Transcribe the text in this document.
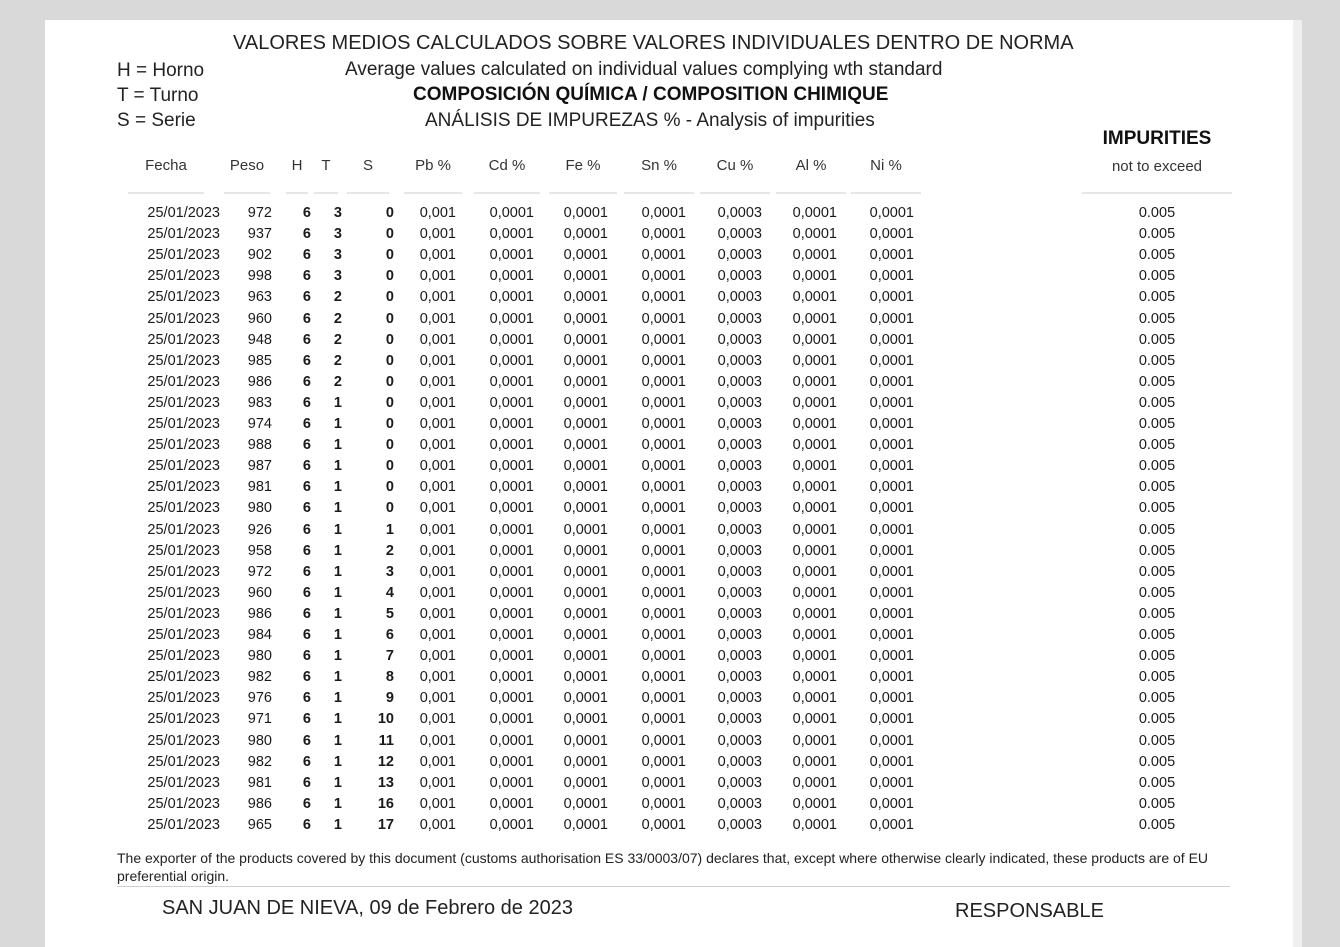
H = Horno
T = Turno
S = Serie
VALORES MEDIOS CALCULADOS SOBRE VALORES INDIVIDUALES DENTRO DE NORMA
Average values calculated on individual values complying wth standard
COMPOSICIÓN QUÍMICA / COMPOSITION CHIMIQUE
ANÁLISIS DE IMPUREZAS % - Analysis of impurities
IMPURITIES
not to exceed
Fecha	Peso	H	T	S	Pb %	Cd %	Fe %	Sn %	Cu %	Al %	Ni %
25/01/2023	972	6	3	0	0,001	0,0001	0,0001	0,0001	0,0003	0,0001	0,0001	0.005
25/01/2023	937	6	3	0	0,001	0,0001	0,0001	0,0001	0,0003	0,0001	0,0001	0.005
25/01/2023	902	6	3	0	0,001	0,0001	0,0001	0,0001	0,0003	0,0001	0,0001	0.005
25/01/2023	998	6	3	0	0,001	0,0001	0,0001	0,0001	0,0003	0,0001	0,0001	0.005
25/01/2023	963	6	2	0	0,001	0,0001	0,0001	0,0001	0,0003	0,0001	0,0001	0.005
25/01/2023	960	6	2	0	0,001	0,0001	0,0001	0,0001	0,0003	0,0001	0,0001	0.005
25/01/2023	948	6	2	0	0,001	0,0001	0,0001	0,0001	0,0003	0,0001	0,0001	0.005
25/01/2023	985	6	2	0	0,001	0,0001	0,0001	0,0001	0,0003	0,0001	0,0001	0.005
25/01/2023	986	6	2	0	0,001	0,0001	0,0001	0,0001	0,0003	0,0001	0,0001	0.005
25/01/2023	983	6	1	0	0,001	0,0001	0,0001	0,0001	0,0003	0,0001	0,0001	0.005
25/01/2023	974	6	1	0	0,001	0,0001	0,0001	0,0001	0,0003	0,0001	0,0001	0.005
25/01/2023	988	6	1	0	0,001	0,0001	0,0001	0,0001	0,0003	0,0001	0,0001	0.005
25/01/2023	987	6	1	0	0,001	0,0001	0,0001	0,0001	0,0003	0,0001	0,0001	0.005
25/01/2023	981	6	1	0	0,001	0,0001	0,0001	0,0001	0,0003	0,0001	0,0001	0.005
25/01/2023	980	6	1	0	0,001	0,0001	0,0001	0,0001	0,0003	0,0001	0,0001	0.005
25/01/2023	926	6	1	1	0,001	0,0001	0,0001	0,0001	0,0003	0,0001	0,0001	0.005
25/01/2023	958	6	1	2	0,001	0,0001	0,0001	0,0001	0,0003	0,0001	0,0001	0.005
25/01/2023	972	6	1	3	0,001	0,0001	0,0001	0,0001	0,0003	0,0001	0,0001	0.005
25/01/2023	960	6	1	4	0,001	0,0001	0,0001	0,0001	0,0003	0,0001	0,0001	0.005
25/01/2023	986	6	1	5	0,001	0,0001	0,0001	0,0001	0,0003	0,0001	0,0001	0.005
25/01/2023	984	6	1	6	0,001	0,0001	0,0001	0,0001	0,0003	0,0001	0,0001	0.005
25/01/2023	980	6	1	7	0,001	0,0001	0,0001	0,0001	0,0003	0,0001	0,0001	0.005
25/01/2023	982	6	1	8	0,001	0,0001	0,0001	0,0001	0,0003	0,0001	0,0001	0.005
25/01/2023	976	6	1	9	0,001	0,0001	0,0001	0,0001	0,0003	0,0001	0,0001	0.005
25/01/2023	971	6	1	10	0,001	0,0001	0,0001	0,0001	0,0003	0,0001	0,0001	0.005
25/01/2023	980	6	1	11	0,001	0,0001	0,0001	0,0001	0,0003	0,0001	0,0001	0.005
25/01/2023	982	6	1	12	0,001	0,0001	0,0001	0,0001	0,0003	0,0001	0,0001	0.005
25/01/2023	981	6	1	13	0,001	0,0001	0,0001	0,0001	0,0003	0,0001	0,0001	0.005
25/01/2023	986	6	1	16	0,001	0,0001	0,0001	0,0001	0,0003	0,0001	0,0001	0.005
25/01/2023	965	6	1	17	0,001	0,0001	0,0001	0,0001	0,0003	0,0001	0,0001	0.005
The exporter of the products covered by this document (customs authorisation ES 33/0003/07) declares that, except where otherwise clearly indicated, these products are of EU preferential origin.
SAN JUAN DE NIEVA, 09 de Febrero de 2023	RESPONSABLE
